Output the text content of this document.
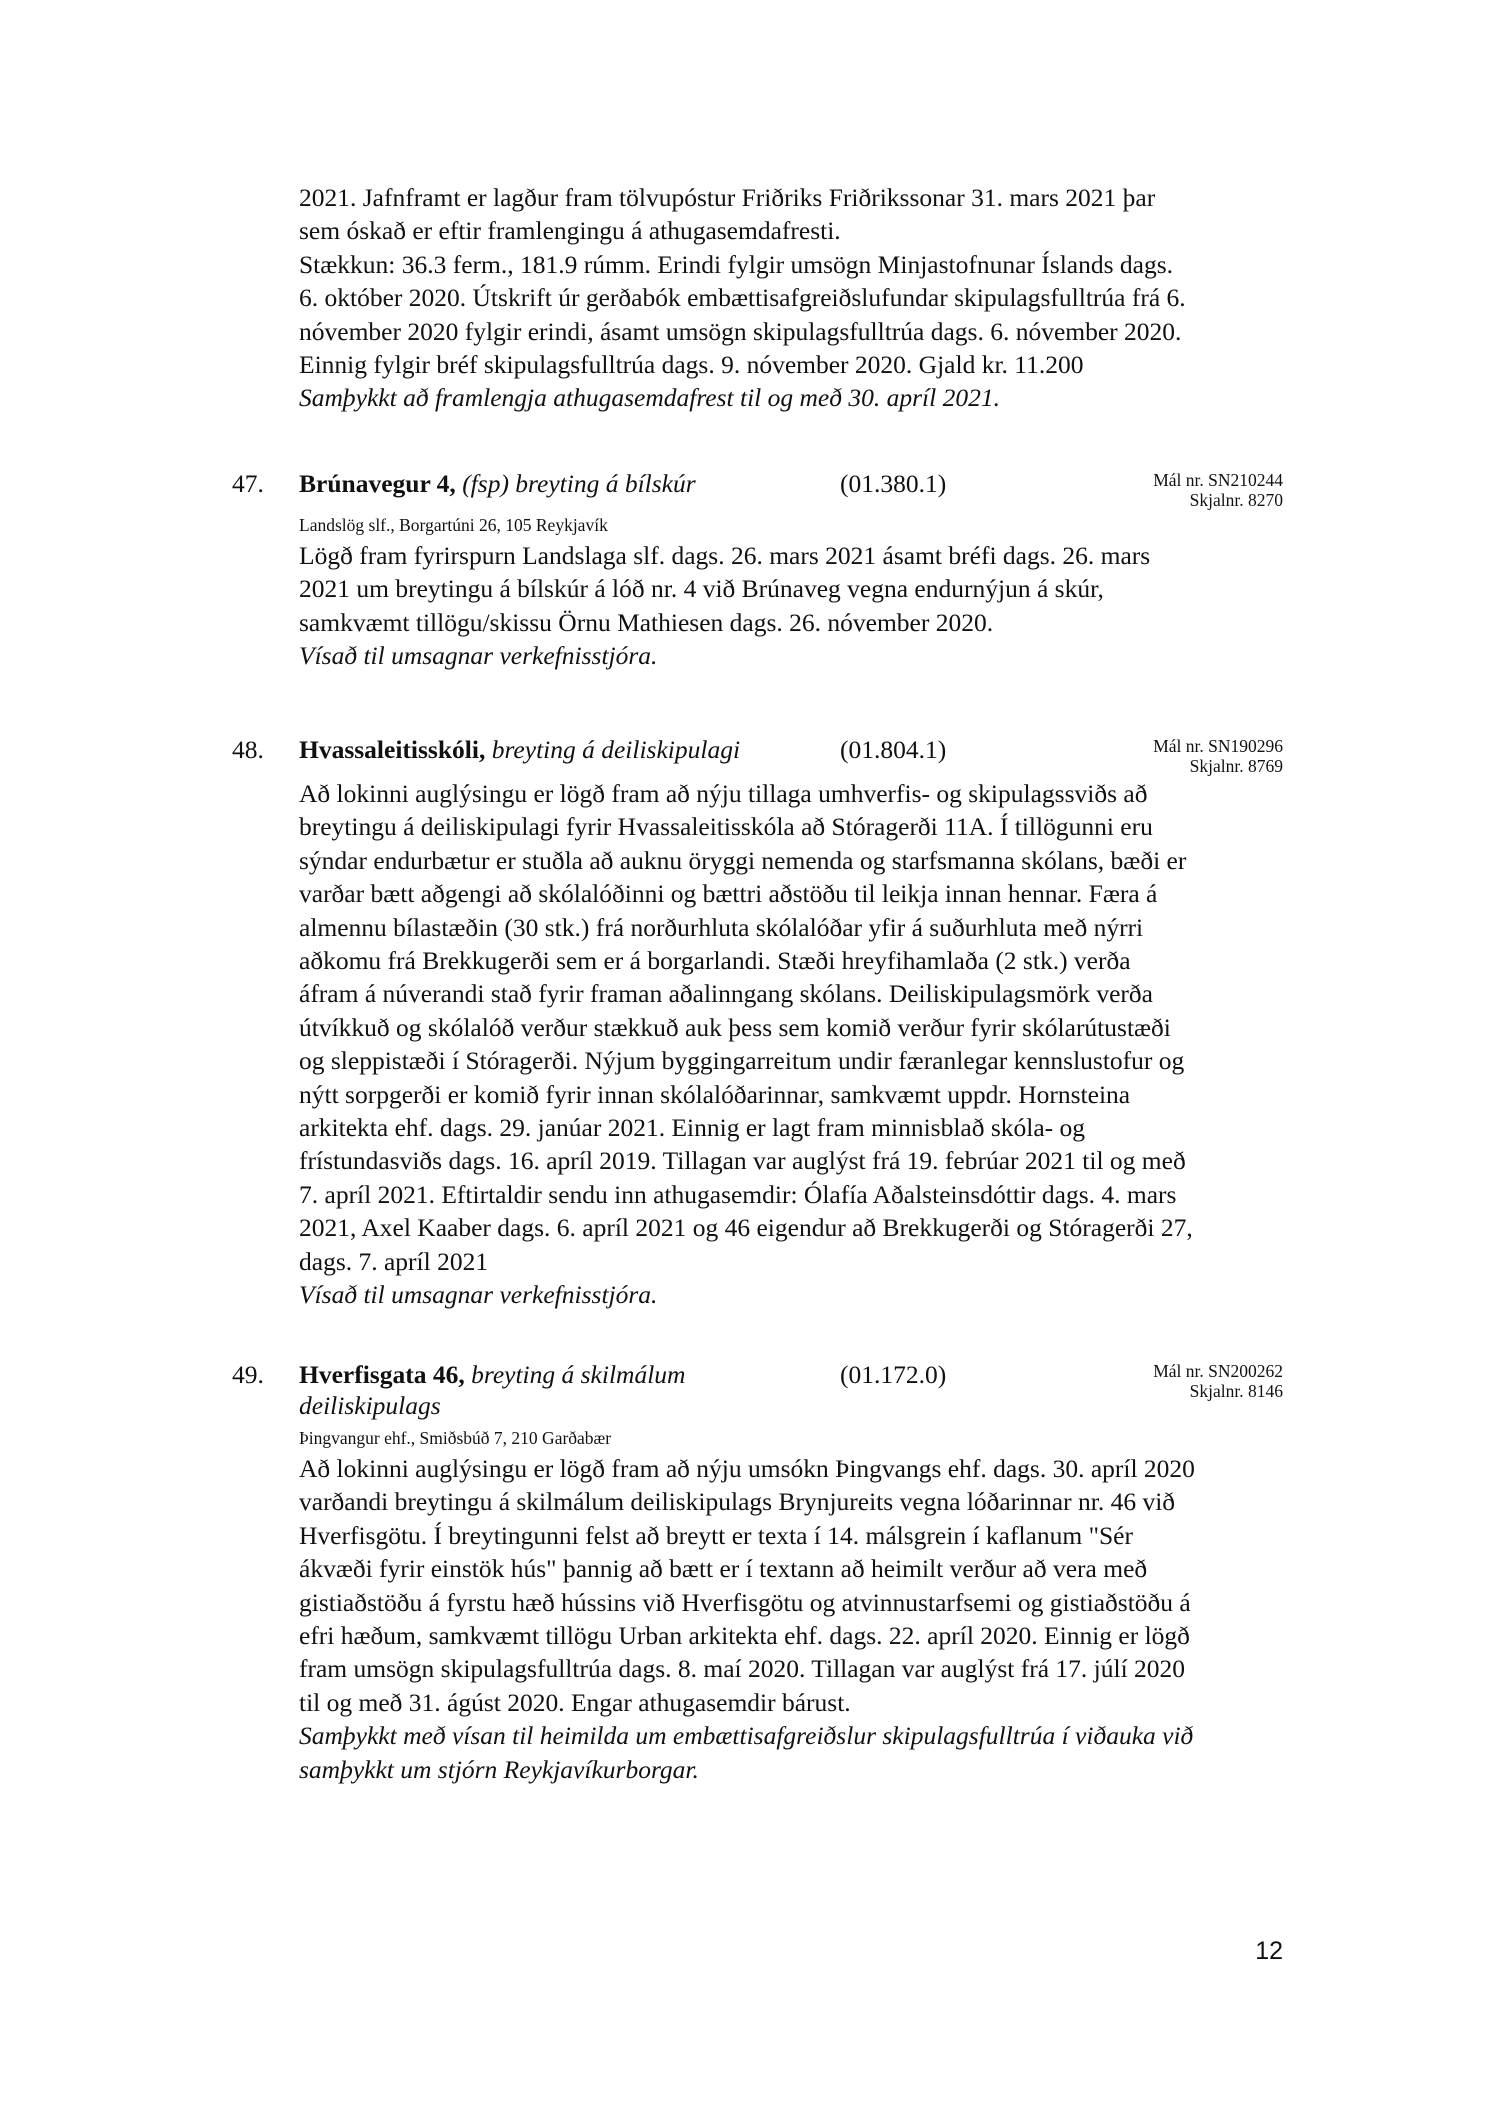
2021. Jafnframt er lagður fram tölvupóstur Friðriks Friðrikssonar 31. mars 2021 þar
sem óskað er eftir framlengingu á athugasemdafresti.
Stækkun: 36.3 ferm., 181.9 rúmm. Erindi fylgir umsögn Minjastofnunar Íslands dags.
6. október 2020. Útskrift úr gerðabók embættisafgreiðslufundar skipulagsfulltrúa frá 6.
nóvember 2020 fylgir erindi, ásamt umsögn skipulagsfulltrúa dags. 6. nóvember 2020.
Einnig fylgir bréf skipulagsfulltrúa dags. 9. nóvember 2020. Gjald kr. 11.200
Samþykkt að framlengja athugasemdafrest til og með 30. apríl 2021.
47.	Brúnavegur 4, (fsp) breyting á bílskúr	(01.380.1)	Mál nr. SN210244
Skjalnr. 8270
Landslög slf., Borgartúni 26, 105 Reykjavík
Lögð fram fyrirspurn Landslaga slf. dags. 26. mars 2021 ásamt bréfi dags. 26. mars
2021 um breytingu á bílskúr á lóð nr. 4 við Brúnaveg vegna endurnýjun á skúr,
samkvæmt tillögu/skissu Örnu Mathiesen dags. 26. nóvember 2020.
Vísað til umsagnar verkefnisstjóra.
48.	Hvassaleitisskóli, breyting á deiliskipulagi	(01.804.1)	Mál nr. SN190296
Skjalnr. 8769
Að lokinni auglýsingu er lögð fram að nýju tillaga umhverfis- og skipulagssviðs að
breytingu á deiliskipulagi fyrir Hvassaleitisskóla að Stóragerði 11A. Í tillögunni eru
sýndar endurbætur er stuðla að auknu öryggi nemenda og starfsmanna skólans, bæði er
varðar bætt aðgengi að skólalóðinni og bættri aðstöðu til leikja innan hennar. Færa á
almennu bílastæðin (30 stk.) frá norðurhluta skólalóðar yfir á suðurhluta með nýrri
aðkomu frá Brekkugerði sem er á borgarlandi. Stæði hreyfihamlaða (2 stk.) verða
áfram á núverandi stað fyrir framan aðalinngang skólans. Deiliskipulagsmörk verða
útvíkkuð og skólalóð verður stækkuð auk þess sem komið verður fyrir skólarútustæði
og sleppistæði í Stóragerði. Nýjum byggingarreitum undir færanlegar kennslustofur og
nýtt sorpgerði er komið fyrir innan skólalóðarinnar, samkvæmt uppdr. Hornsteina
arkitekta ehf. dags. 29. janúar 2021. Einnig er lagt fram minnisblað skóla- og
frístundasviðs dags. 16. apríl 2019. Tillagan var auglýst frá 19. febrúar 2021 til og með
7. apríl 2021. Eftirtaldir sendu inn athugasemdir: Ólafía Aðalsteinsdóttir dags. 4. mars
2021, Axel Kaaber dags. 6. apríl 2021 og 46 eigendur að Brekkugerði og Stóragerði 27,
dags. 7. apríl 2021
Vísað til umsagnar verkefnisstjóra.
49.	Hverfisgata 46, breyting á skilmálum
deiliskipulags
(01.172.0)	Mál nr. SN200262
Skjalnr. 8146
Þingvangur ehf., Smiðsbúð 7, 210 Garðabær
Að lokinni auglýsingu er lögð fram að nýju umsókn Þingvangs ehf. dags. 30. apríl 2020
varðandi breytingu á skilmálum deiliskipulags Brynjureits vegna lóðarinnar nr. 46 við
Hverfisgötu. Í breytingunni felst að breytt er texta í 14. málsgrein í kaflanum "Sér
ákvæði fyrir einstök hús" þannig að bætt er í textann að heimilt verður að vera með
gistiaðstöðu á fyrstu hæð hússins við Hverfisgötu og atvinnustarfsemi og gistiaðstöðu á
efri hæðum, samkvæmt tillögu Urban arkitekta ehf. dags. 22. apríl 2020. Einnig er lögð
fram umsögn skipulagsfulltrúa dags. 8. maí 2020. Tillagan var auglýst frá 17. júlí 2020
til og með 31. ágúst 2020. Engar athugasemdir bárust.
Samþykkt með vísan til heimilda um embættisafgreiðslur skipulagsfulltrúa í viðauka við
samþykkt um stjórn Reykjavíkurborgar.
12
